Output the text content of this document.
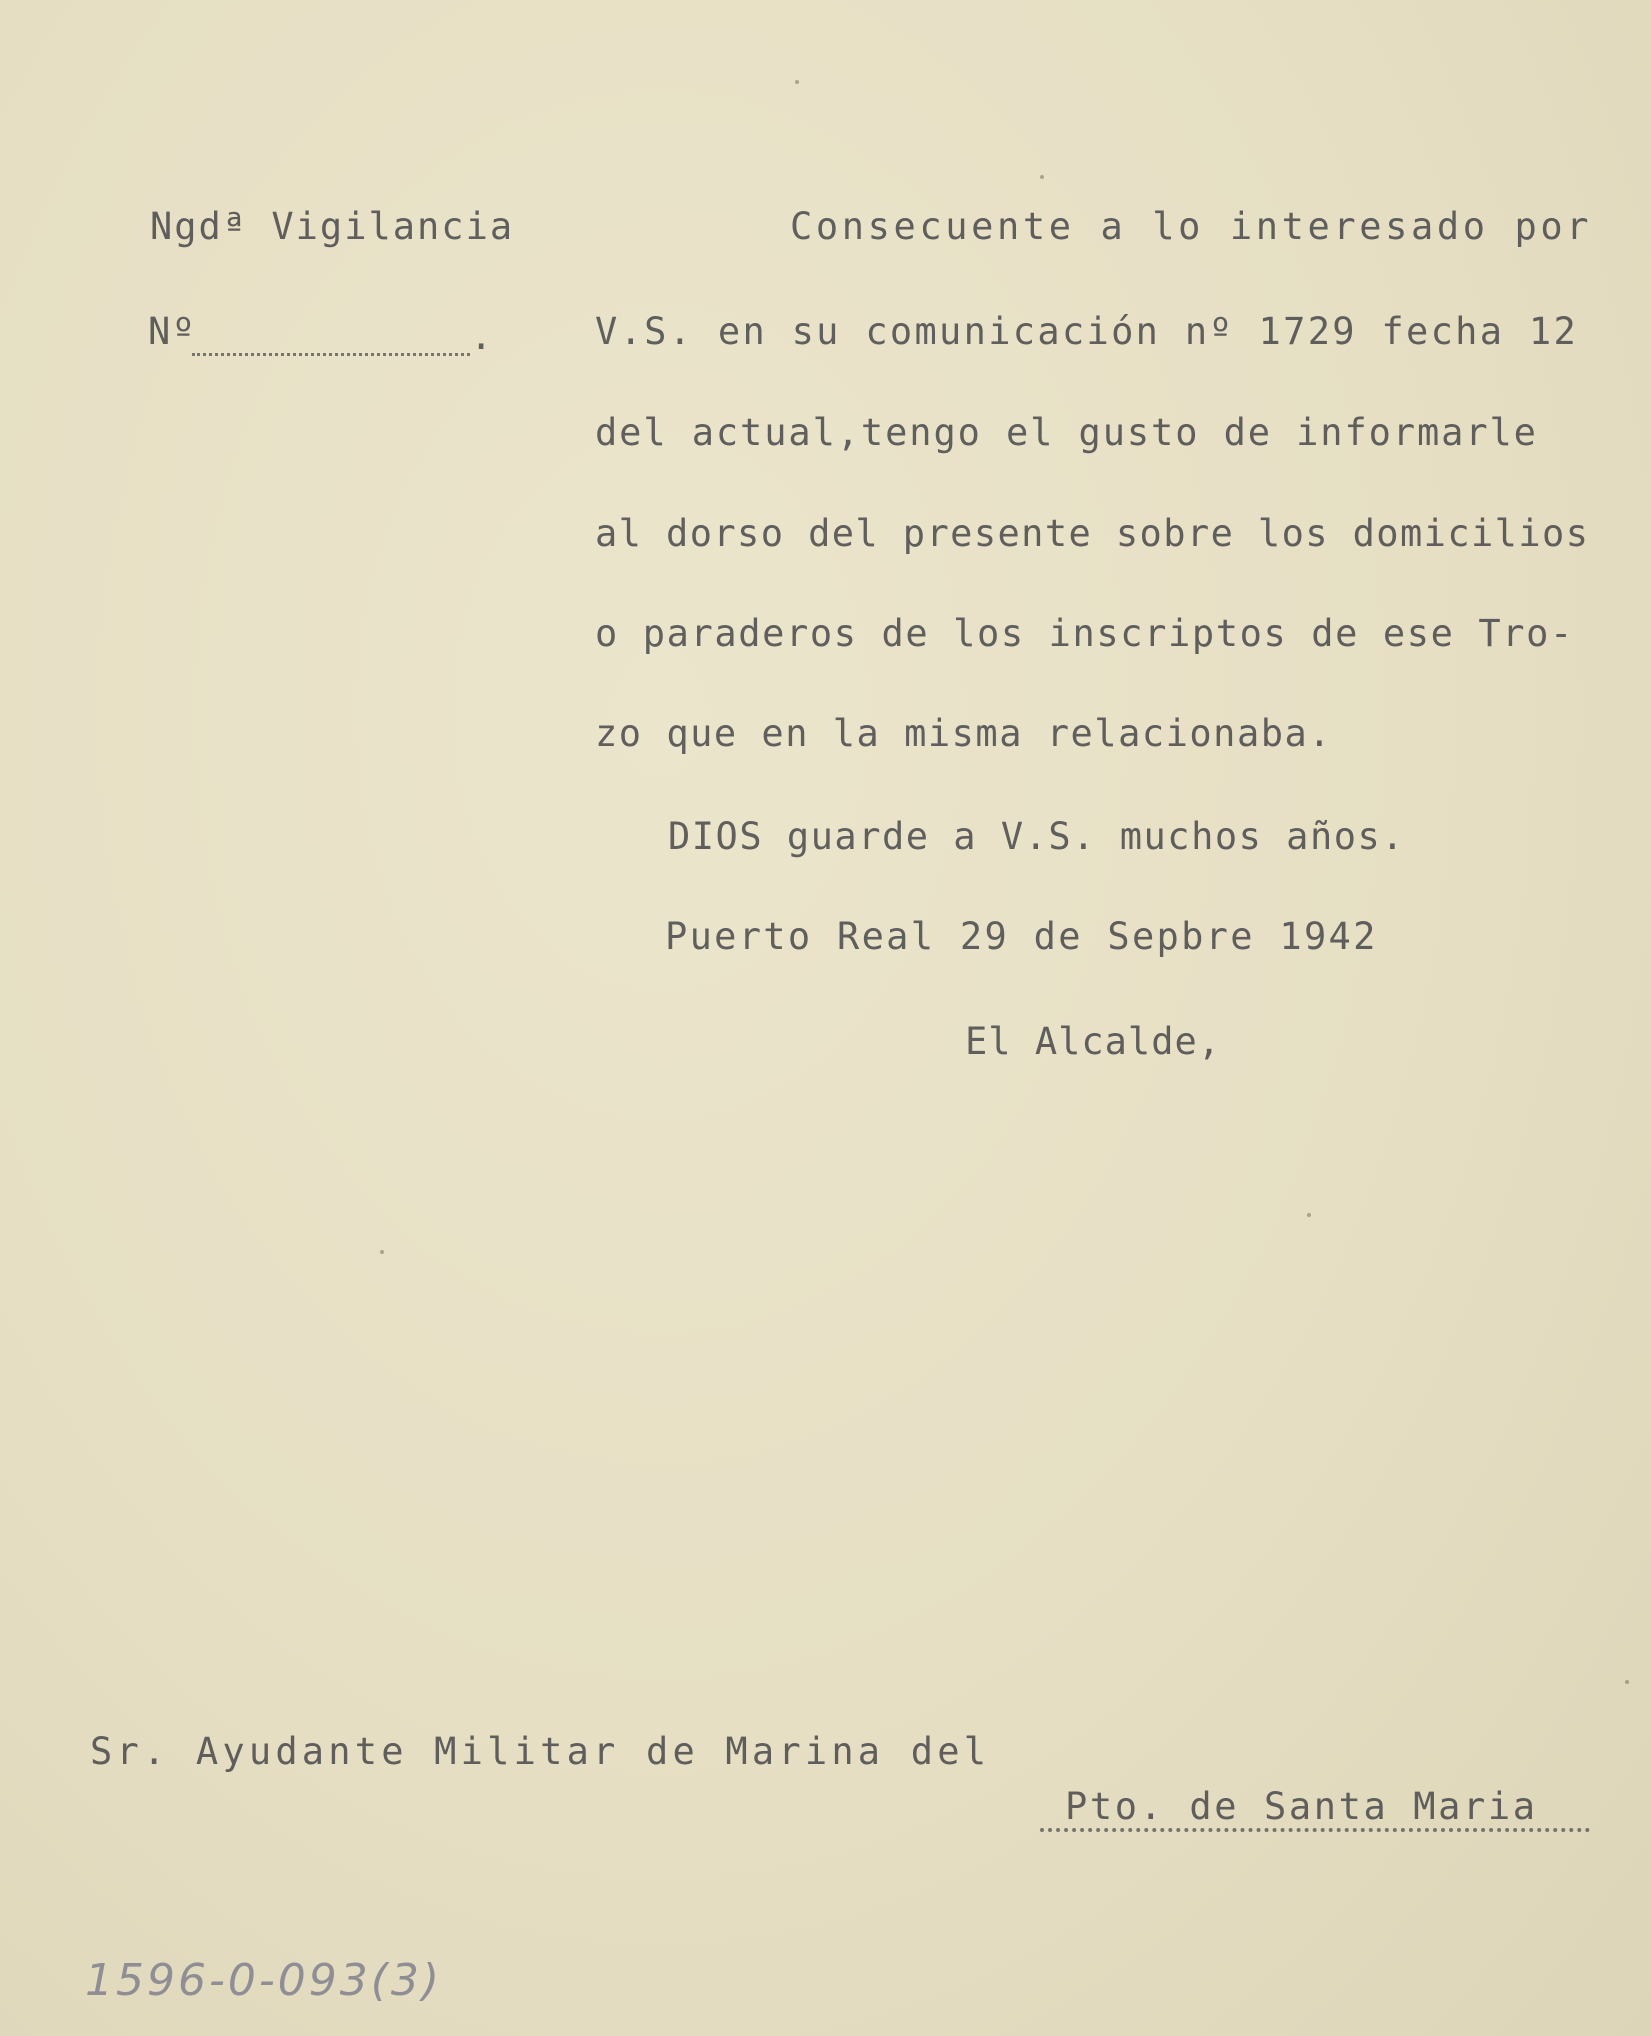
Ngdª Vigilancia
Nº	.
Consecuente a lo interesado por
V.S. en su comunicación nº 1729 fecha 12
del actual,tengo el gusto de informarle
al dorso del presente sobre los domicilios
o paraderos de los inscriptos de ese Tro-
zo que en la misma relacionaba.
DIOS guarde a V.S. muchos años.
Puerto Real 29 de Sepbre 1942
El Alcalde,
Sr. Ayudante Militar de Marina del
Pto. de Santa Maria
1596-0-093(3)
